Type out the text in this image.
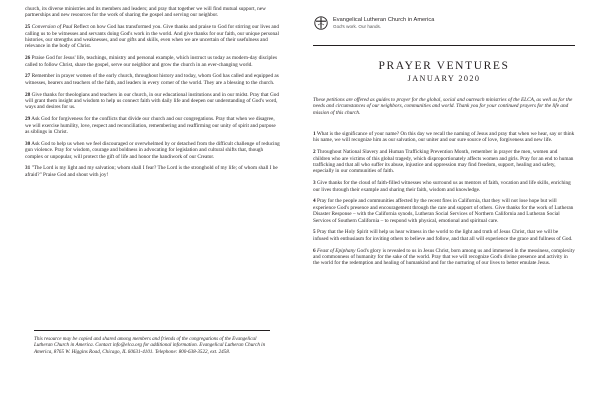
church, its diverse ministries and its members and leaders; and pray that together we will find mutual support, new partnerships and new resources for the work of sharing the gospel and serving our neighbor.

25 Conversion of Paul Reflect on how God has transformed you. Give thanks and praise to God for stirring our lives and calling us to be witnesses and servants doing God's work in the world. And give thanks for our faith, our unique personal histories, our strengths and weaknesses, and our gifts and skills, even when we are uncertain of their usefulness and relevance in the body of Christ.

26 Praise God for Jesus' life, teachings, ministry and personal example, which instruct us today as modern-day disciples called to follow Christ, share the gospel, serve our neighbor and grow the church in an ever-changing world.

27 Remember in prayer women of the early church, throughout history and today, whom God has called and equipped as witnesses, bearers and teachers of the faith, and leaders in every corner of the world. They are a blessing to the church.

28 Give thanks for theologians and teachers in our church, in our educational institutions and in our midst. Pray that God will grant them insight and wisdom to help us connect faith with daily life and deepen our understanding of God's word, ways and desires for us.

29 Ask God for forgiveness for the conflicts that divide our church and our congregations. Pray that when we disagree, we will exercise humility, love, respect and reconciliation, remembering and reaffirming our unity of spirit and purpose as siblings in Christ.

30 Ask God to help us when we feel discouraged or overwhelmed by or detached from the difficult challenge of reducing gun violence. Pray for wisdom, courage and boldness in advocating for legislation and cultural shifts that, though complex or unpopular, will protect the gift of life and honor the handiwork of our Creator.

31 "The Lord is my light and my salvation; whom shall I fear? The Lord is the stronghold of my life; of whom shall I be afraid?" Praise God and shout with joy!

This resource may be copied and shared among members and friends of the congregations of the Evangelical Lutheran Church in America. Contact info@elca.org for additional information. Evangelical Lutheran Church in America, 8765 W. Higgins Road, Chicago, IL 60631-4101. Telephone: 800-638-3522, ext. 2458.

Evangelical Lutheran Church in America
God's work. Our hands.
PRAYER VENTURES
JANUARY 2020

These petitions are offered as guides to prayer for the global, social and outreach ministries of the ELCA, as well as for the needs and circumstances of our neighbors, communities and world. Thank you for your continued prayers for the life and mission of this church.

1 What is the significance of your name? On this day we recall the naming of Jesus and pray that when we hear, say or think his name, we will recognize him as our salvation, our uniter and our sure source of love, forgiveness and new life.

2 Throughout National Slavery and Human Trafficking Prevention Month, remember in prayer the men, women and children who are victims of this global tragedy, which disproportionately affects women and girls. Pray for an end to human trafficking and that all who suffer its abuse, injustice and oppression may find freedom, support, healing and safety, especially in our communities of faith.

3 Give thanks for the cloud of faith-filled witnesses who surround us as mentors of faith, vocation and life skills, enriching our lives through their example and sharing their faith, wisdom and knowledge.

4 Pray for the people and communities affected by the recent fires in California, that they will not lose hope but will experience God's presence and encouragement through the care and support of others. Give thanks for the work of Lutheran Disaster Response – with the California synods, Lutheran Social Services of Northern California and Lutheran Social Services of Southern California – to respond with physical, emotional and spiritual care.

5 Pray that the Holy Spirit will help us hear witness in the world to the light and truth of Jesus Christ, that we will be infused with enthusiasm for inviting others to believe and follow, and that all will experience the grace and fullness of God.

6 Feast of Epiphany God's glory is revealed to us in Jesus Christ, born among us and immersed in the messiness, complexity and commonness of humanity for the sake of the world. Pray that we will recognize God's divine presence and activity in the world for the redemption and healing of humankind and for the nurturing of our lives to better emulate Jesus.
